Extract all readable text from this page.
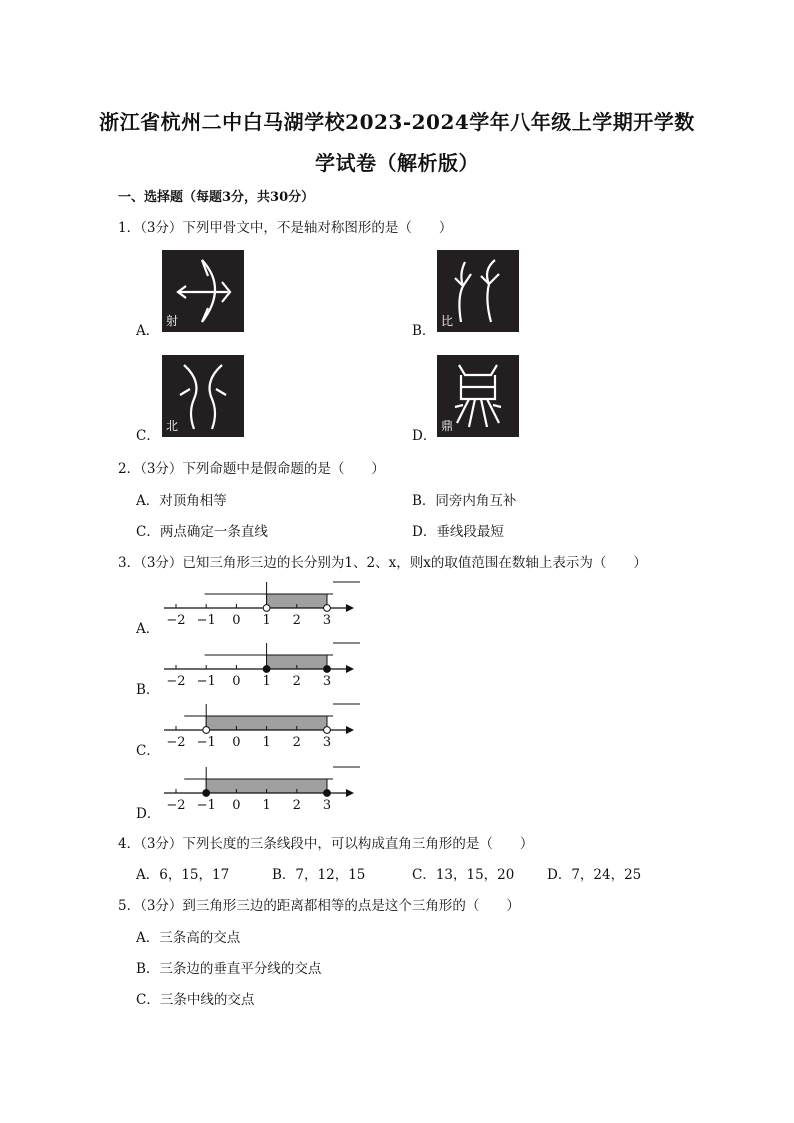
浙江省杭州二中白马湖学校2023-2024学年八年级上学期开学数
学试卷（解析版）
一、选择题（每题3分，共30分）
1．（3分）下列甲骨文中，不是轴对称图形的是（　　）
A．
射
B．
比
C．
北
D．
鼎
2．（3分）下列命题中是假命题的是（　　）
A．对顶角相等	B．同旁内角互补
C．两点确定一条直线	D．垂线段最短
3．（3分）已知三角形三边的长分别为1、2、x，则x的取值范围在数轴上表示为（　　）
A．
−2 −1 0 1 2 3
B．
−2 −1 0 1 2 3
C．
−2 −1 0 1 2 3
D．
−2 −1 0 1 2 3
4．（3分）下列长度的三条线段中，可以构成直角三角形的是（　　）
A．6，15，17	B．7，12，15	C．13，15，20 D．7，24，25
5．（3分）到三角形三边的距离都相等的点是这个三角形的（　　）
A．三条高的交点
B．三条边的垂直平分线的交点
C．三条中线的交点
